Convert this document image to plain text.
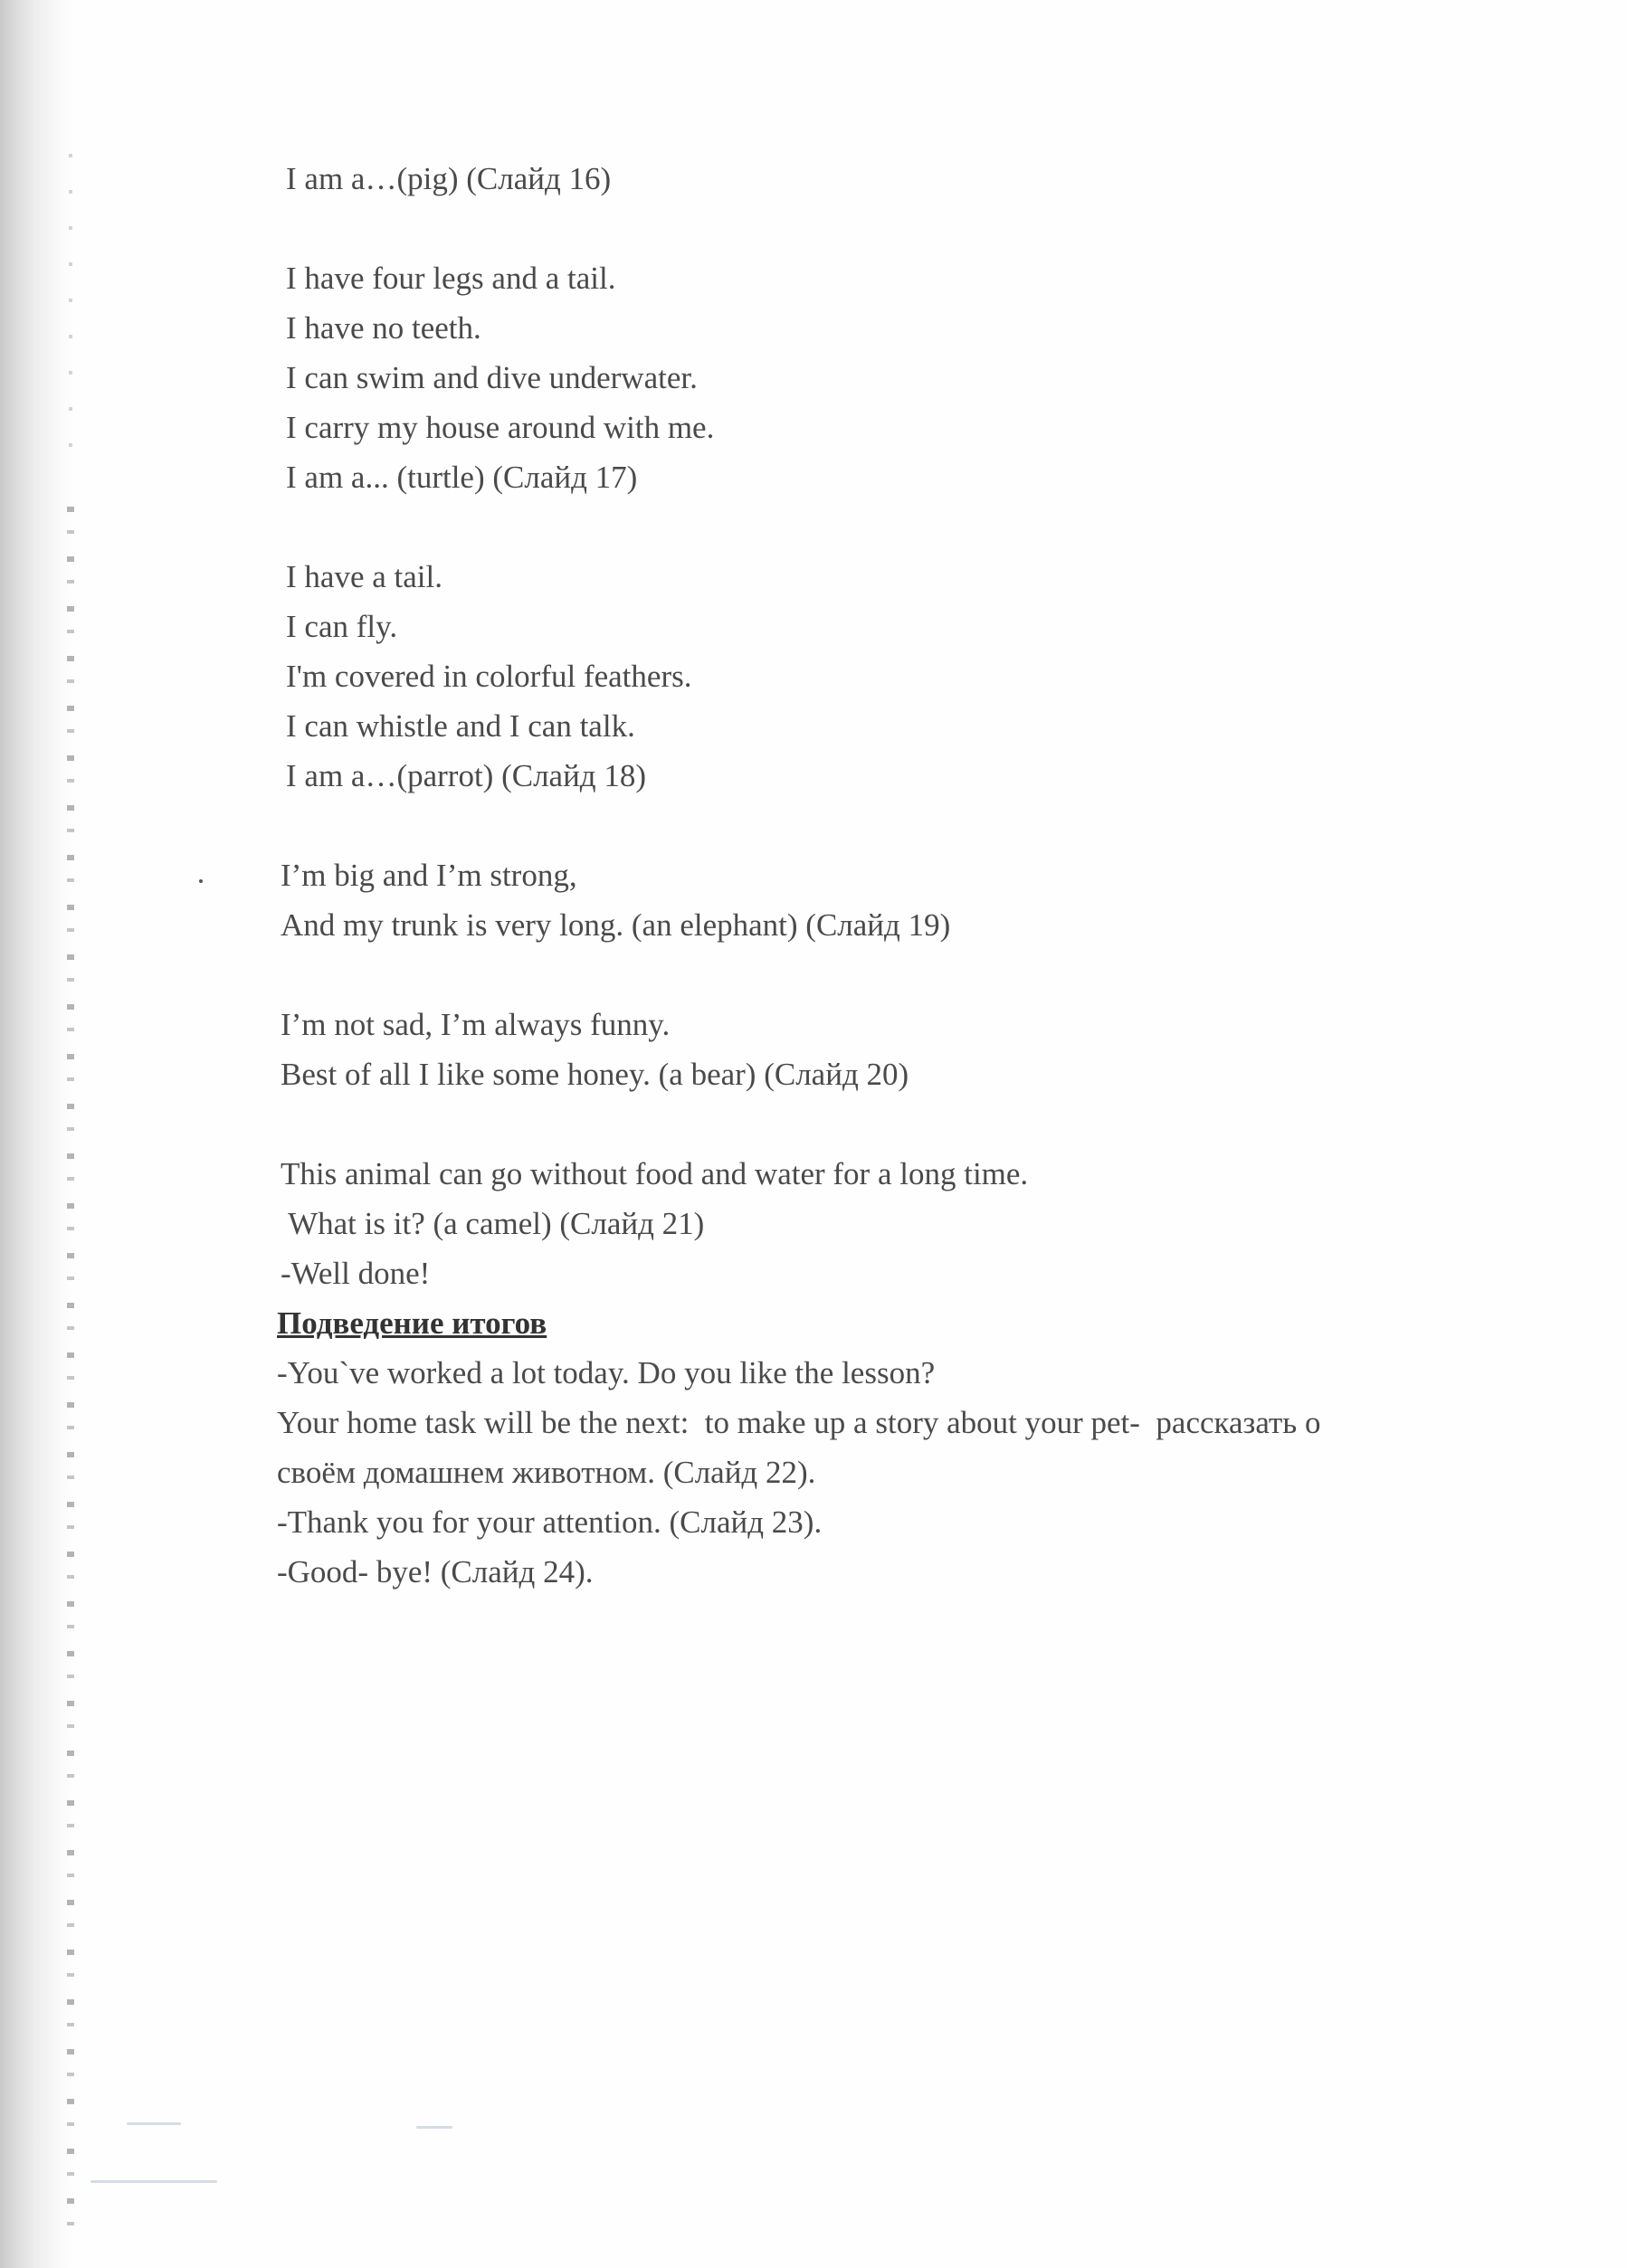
I am a…(pig) (Слайд 16)
I have four legs and a tail.
I have no teeth.
I can swim and dive underwater.
I carry my house around with me.
I am a... (turtle) (Слайд 17)
I have a tail.
I can fly.
I'm covered in colorful feathers.
I can whistle and I can talk.
I am a…(parrot) (Слайд 18)
I’m big and I’m strong,
And my trunk is very long. (an elephant) (Слайд 19)
I’m not sad, I’m always funny.
Best of all I like some honey. (a bear) (Слайд 20)
This animal can go without food and water for a long time.
What is it? (a camel) (Слайд 21)
-Well done!
Подведение итогов
-You`ve worked a lot today. Do you like the lesson?
Your home task will be the next:  to make up a story about your pet-  рассказать о
своём домашнем животном. (Слайд 22).
-Thank you for your attention. (Слайд 23).
-Good- bye! (Слайд 24).
